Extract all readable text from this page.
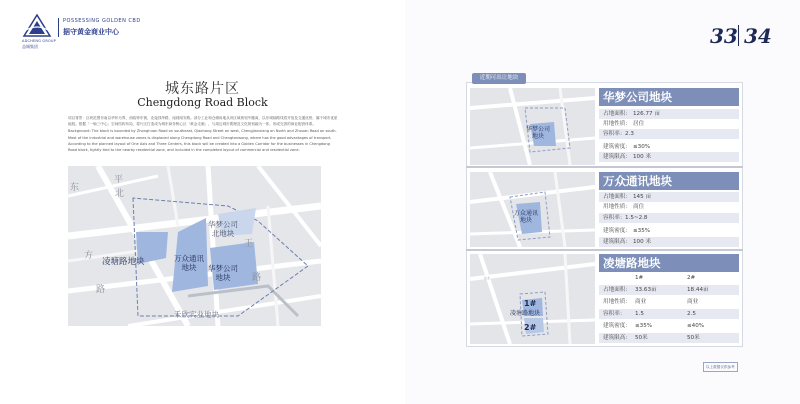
ADCHENG GROUP
益城集团
POSSESSING GOLDEN CBD
据守黄金商业中心
城东路片区
Chengdong Road Block

项目背景：区块范围东南以华怀为界，西临钟东街，北接钱华路，南到闻安路。部分工业和仓储用地从该区域规划中撤离，以东城轴路线将开放及交通优势，属于城市优质地段。根据「一轴三中心」空间结构布局，将片区打造成为城东商务核心区「黄金走廊」，与周边城市肌理及文化规划融为一体，形成完善的商业配套体系。

Background: The block is bounded by Zhonghuan Road on southeast, Qiaohang Street on west, Chengjianxiang on North and Zhouan Road on south. Most of the industrial and warehouse zones is displaced along Chengdong Road and Chengtonwong, where has the good advantages of transport. According to the planned layout of One Axis and Three Centers, this block will be created into a Golden Corridor for the businesses in Chengdong Road block, tightly tied to the nearby residential zone, and included in the completed layout of commercial and residential zone.

东
方
路
平
北
王
路
凌塘路地块	万众通讯
地块	华梦公司
地块
华梦公司
北地块
禾欣实业地块
33 34
近期可出让地块
华梦公司
地块
华梦公司地块
占地面积： 126.77 亩
用地性质： 居住
容积率： 2.3
建筑密度： ≤30%
建筑限高： 100 米
万众通讯
地块
万众通讯地块
占地面积： 145 亩
用地性质： 商住
容积率： 1.5~2.8
建筑密度： ≤35%
建筑限高： 100 米
东北
1#
凌塘路地块
2#
凌塘路地块
1#	2#
占地面积： 33.63亩	18.44亩
用地性质： 商业	商业
容积率： 1.5	2.5
建筑密度： ≤35%	≤40%
建筑限高： 50米	50米
以上数据仅供参考
